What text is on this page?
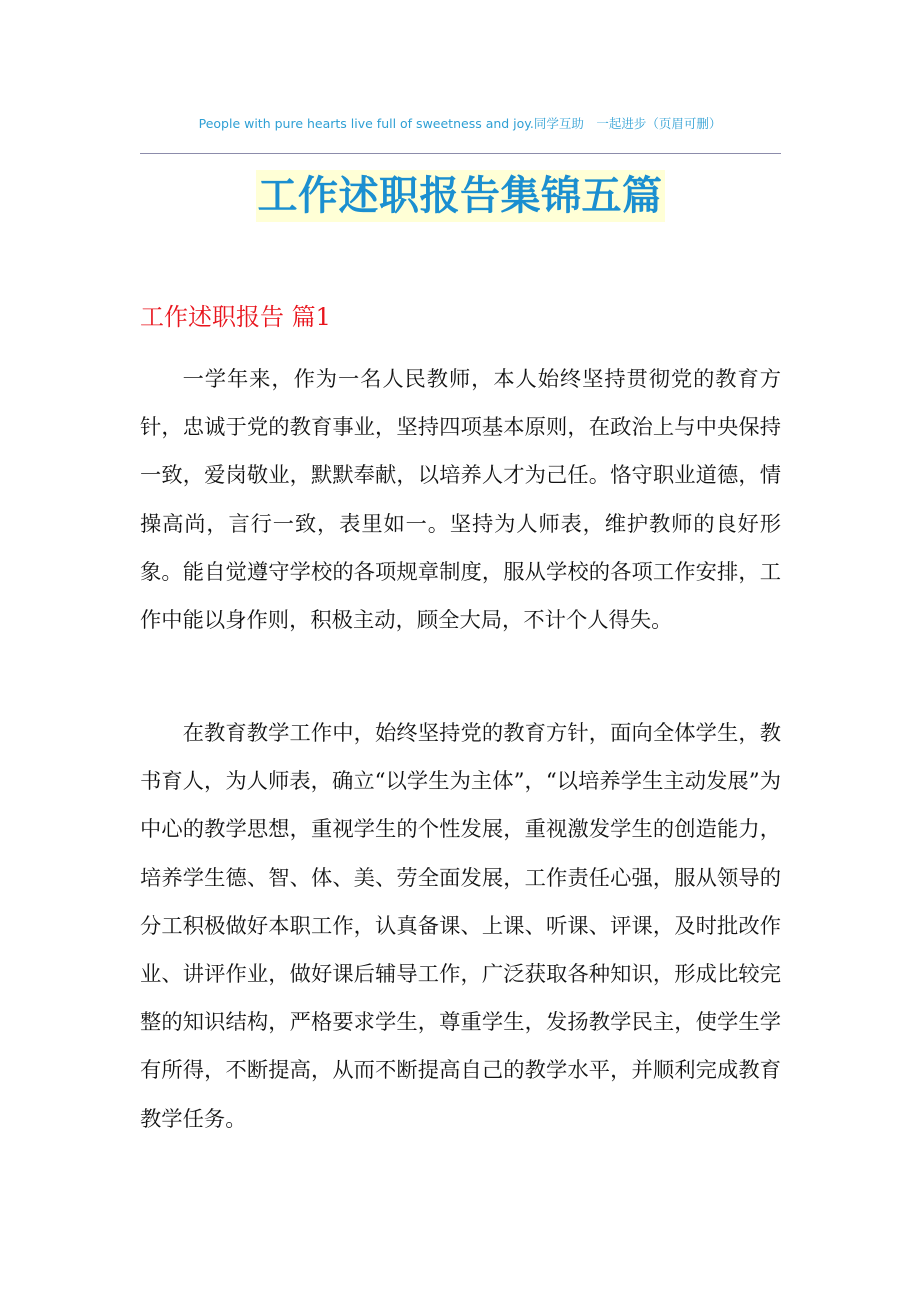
People with pure hearts live full of sweetness and joy.同学互助　一起进步（页眉可删）
工作述职报告集锦五篇
工作述职报告 篇1

一学年来，作为一名人民教师，本人始终坚持贯彻党的教育方针，忠诚于党的教育事业，坚持四项基本原则，在政治上与中央保持一致，爱岗敬业，默默奉献，以培养人才为己任。恪守职业道德，情操高尚，言行一致，表里如一。坚持为人师表，维护教师的良好形象。能自觉遵守学校的各项规章制度，服从学校的各项工作安排，工作中能以身作则，积极主动，顾全大局，不计个人得失。

在教育教学工作中，始终坚持党的教育方针，面向全体学生，教书育人，为人师表，确立“以学生为主体”，“以培养学生主动发展”为中心的教学思想，重视学生的个性发展，重视激发学生的创造能力，培养学生德、智、体、美、劳全面发展，工作责任心强，服从领导的分工积极做好本职工作，认真备课、上课、听课、评课，及时批改作业、讲评作业，做好课后辅导工作，广泛获取各种知识，形成比较完整的知识结构，严格要求学生，尊重学生，发扬教学民主，使学生学有所得，不断提高，从而不断提高自己的教学水平，并顺利完成教育教学任务。
